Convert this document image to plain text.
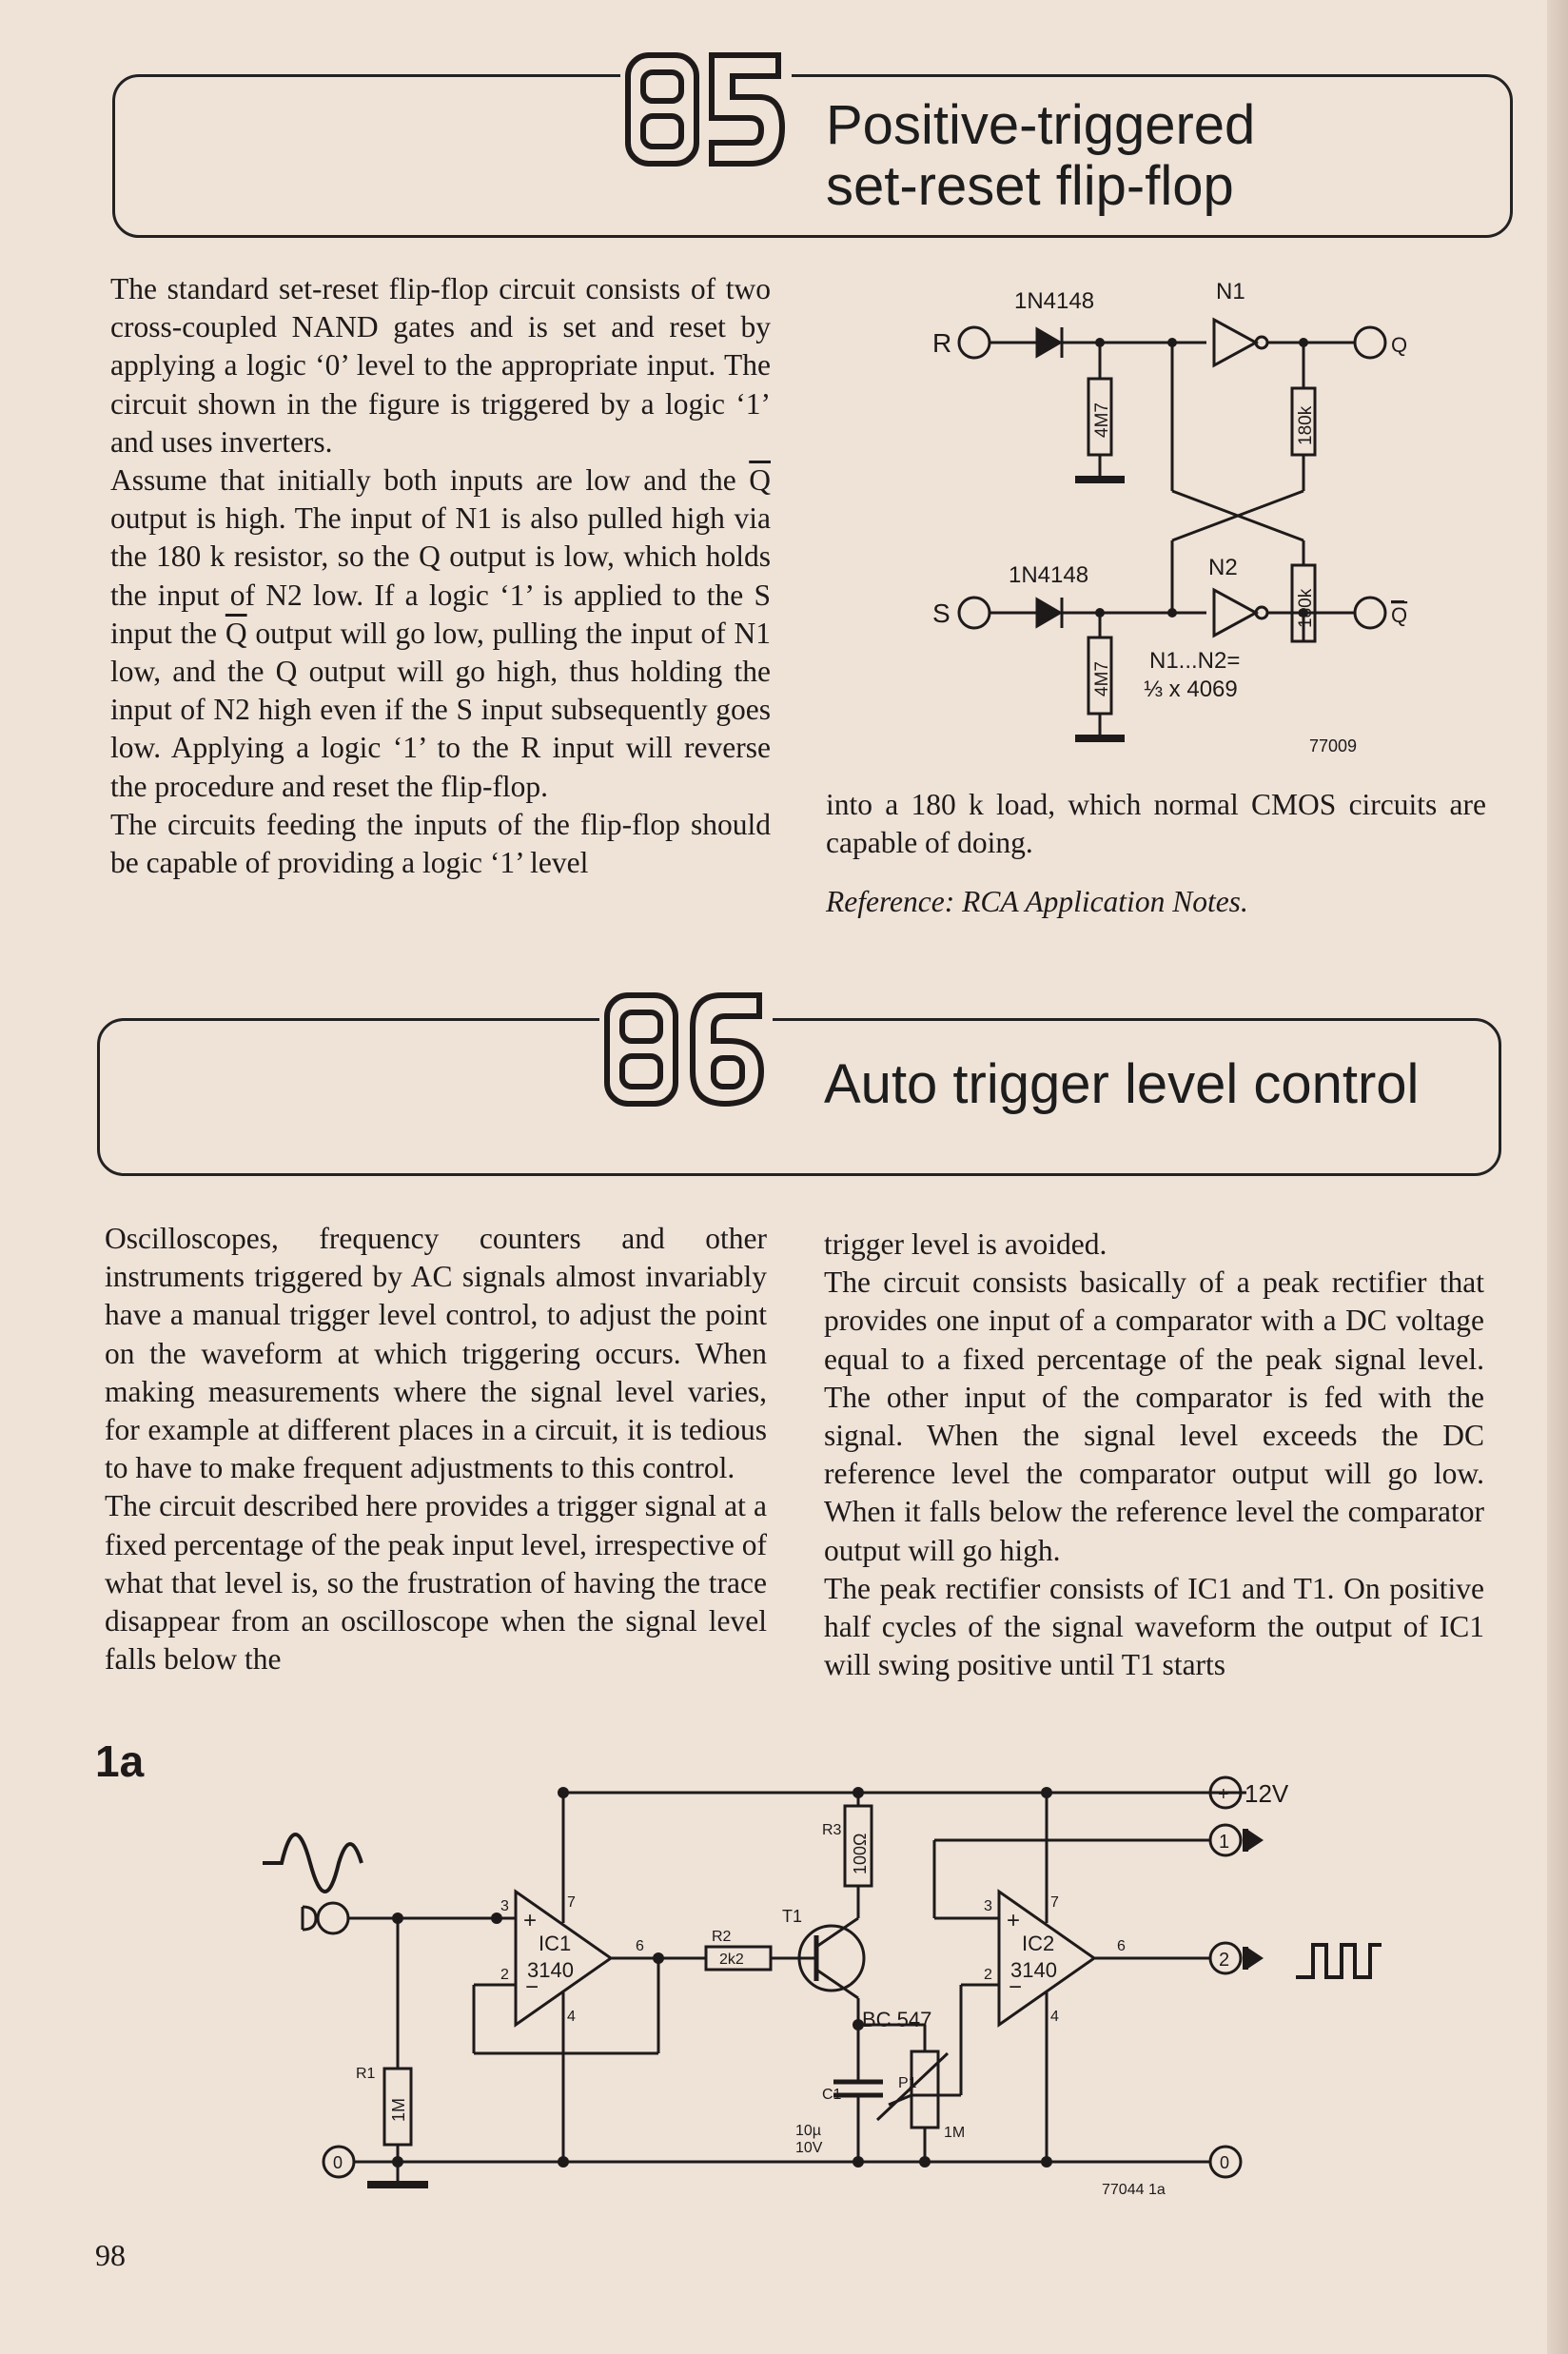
85
Positive-triggered
set-reset flip-flop

The standard set-reset flip-flop circuit consists of two cross-coupled NAND gates and is set and reset by applying a logic ‘0’ level to the appropriate input. The circuit shown in the figure is triggered by a logic ‘1’ and uses inverters.

Assume that initially both inputs are low and the $\overline{Q}$ output is high. The input of N1 is also pulled high via the 180 k resistor, so the Q output is low, which holds the input of N2 low. If a logic ‘1’ is applied to the S input the $\overline{Q}$ output will go low, pulling the input of N1 low, and the Q output will go high, thus holding the input of N2 high even if the S input subsequently goes low. Applying a logic ‘1’ to the R input will reverse the procedure and reset the flip-flop.

The circuits feeding the inputs of the flip-flop should be capable of providing a logic ‘1’ level

R
S
1N4148
1N4148
N1
N2
4M7
4M7
180k
180k
Q
Q
N1...N2=
⅓ x 4069
77009

into a 180 k load, which normal CMOS circuits are capable of doing.

Reference: RCA Application Notes.

86
Auto trigger level control

Oscilloscopes, frequency counters and other instruments triggered by AC signals almost invariably have a manual trigger level control, to adjust the point on the waveform at which triggering occurs. When making measurements where the signal level varies, for example at different places in a circuit, it is tedious to have to make frequent adjustments to this control.

The circuit described here provides a trigger signal at a fixed percentage of the peak input level, irrespective of what that level is, so the frustration of having the trace disappear from an oscilloscope when the signal level falls below the

trigger level is avoided.

The circuit consists basically of a peak rectifier that provides one input of a comparator with a DC voltage equal to a fixed percentage of the peak signal level. The other input of the comparator is fed with the signal. When the signal level exceeds the DC reference level the comparator output will go low. When it falls below the reference level the comparator output will go high.

The peak rectifier consists of IC1 and T1. On positive half cycles of the signal waveform the output of IC1 will swing positive until T1 starts

1a
+
−
IC1
3140
3
2
7
6
4
+
−
IC2
3140
3
2
7
6
4
R1
1M
R2
2k2
R3
100Ω
T1
BC 547
C1
10µ
10V
P1
1M
+ 12V
1
2
0	0
77044 1a
98
